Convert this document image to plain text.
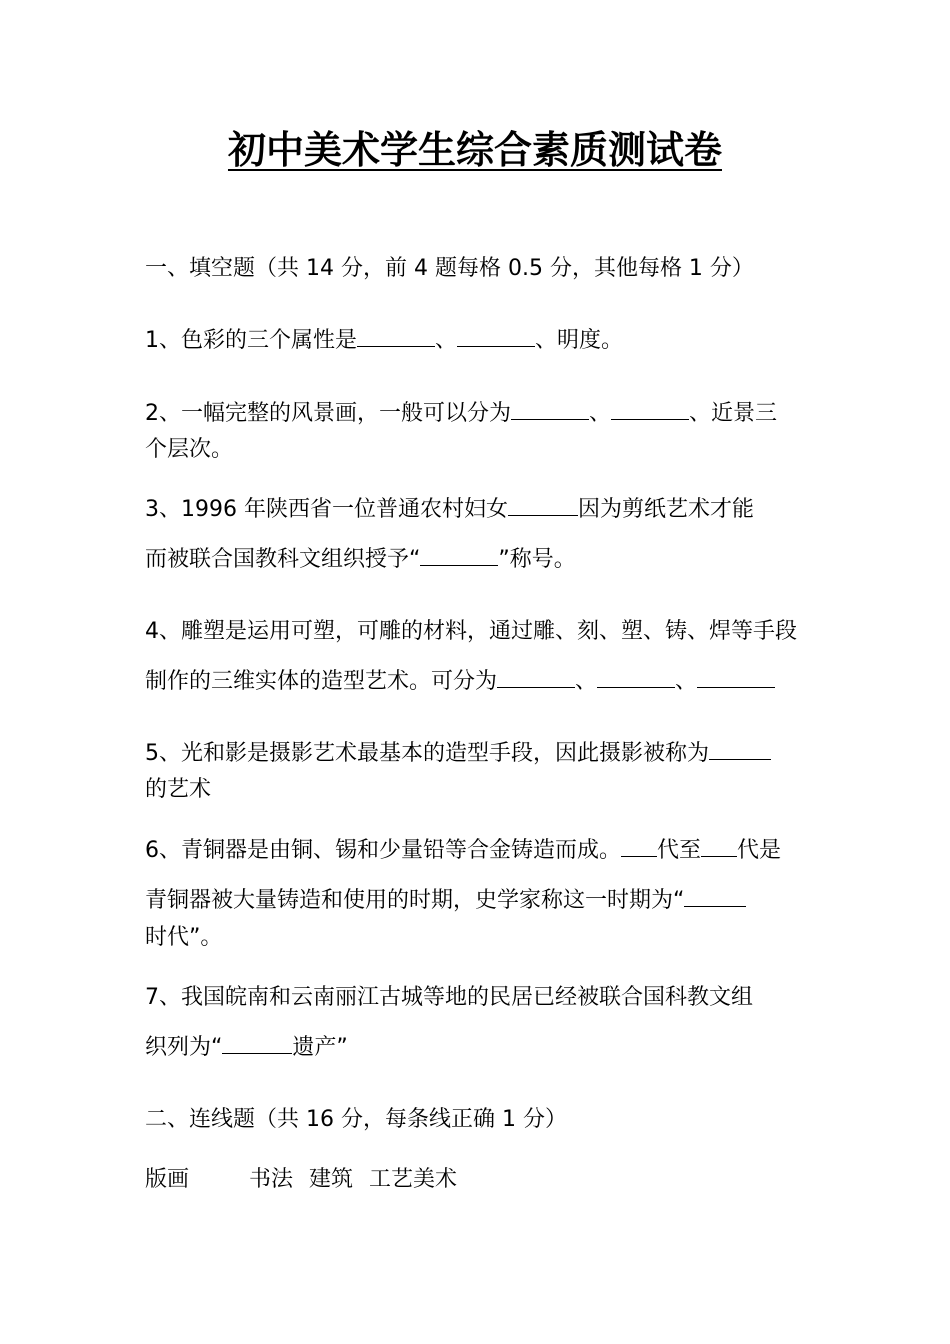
初中美术学生综合素质测试卷
一、填空题（共 14 分，前 4 题每格 0.5 分，其他每格 1 分）
1、色彩的三个属性是	、	、明度。
2、一幅完整的风景画，一般可以分为	、	、近景三
个层次。
3、1996 年陕西省一位普通农村妇女	因为剪纸艺术才能
而被联合国教科文组织授予“	”称号。
4、雕塑是运用可塑，可雕的材料，通过雕、刻、塑、铸、焊等手段
制作的三维实体的造型艺术。可分为	、	、
5、光和影是摄影艺术最基本的造型手段，因此摄影被称为
的艺术
6、青铜器是由铜、锡和少量铅等合金铸造而成。 代至 代是
青铜器被大量铸造和使用的时期，史学家称这一时期为“
时代”。
7、我国皖南和云南丽江古城等地的民居已经被联合国科教文组
织列为“	遗产”
二、连线题（共 16 分，每条线正确 1 分）
版画	书法 建筑 工艺美术
